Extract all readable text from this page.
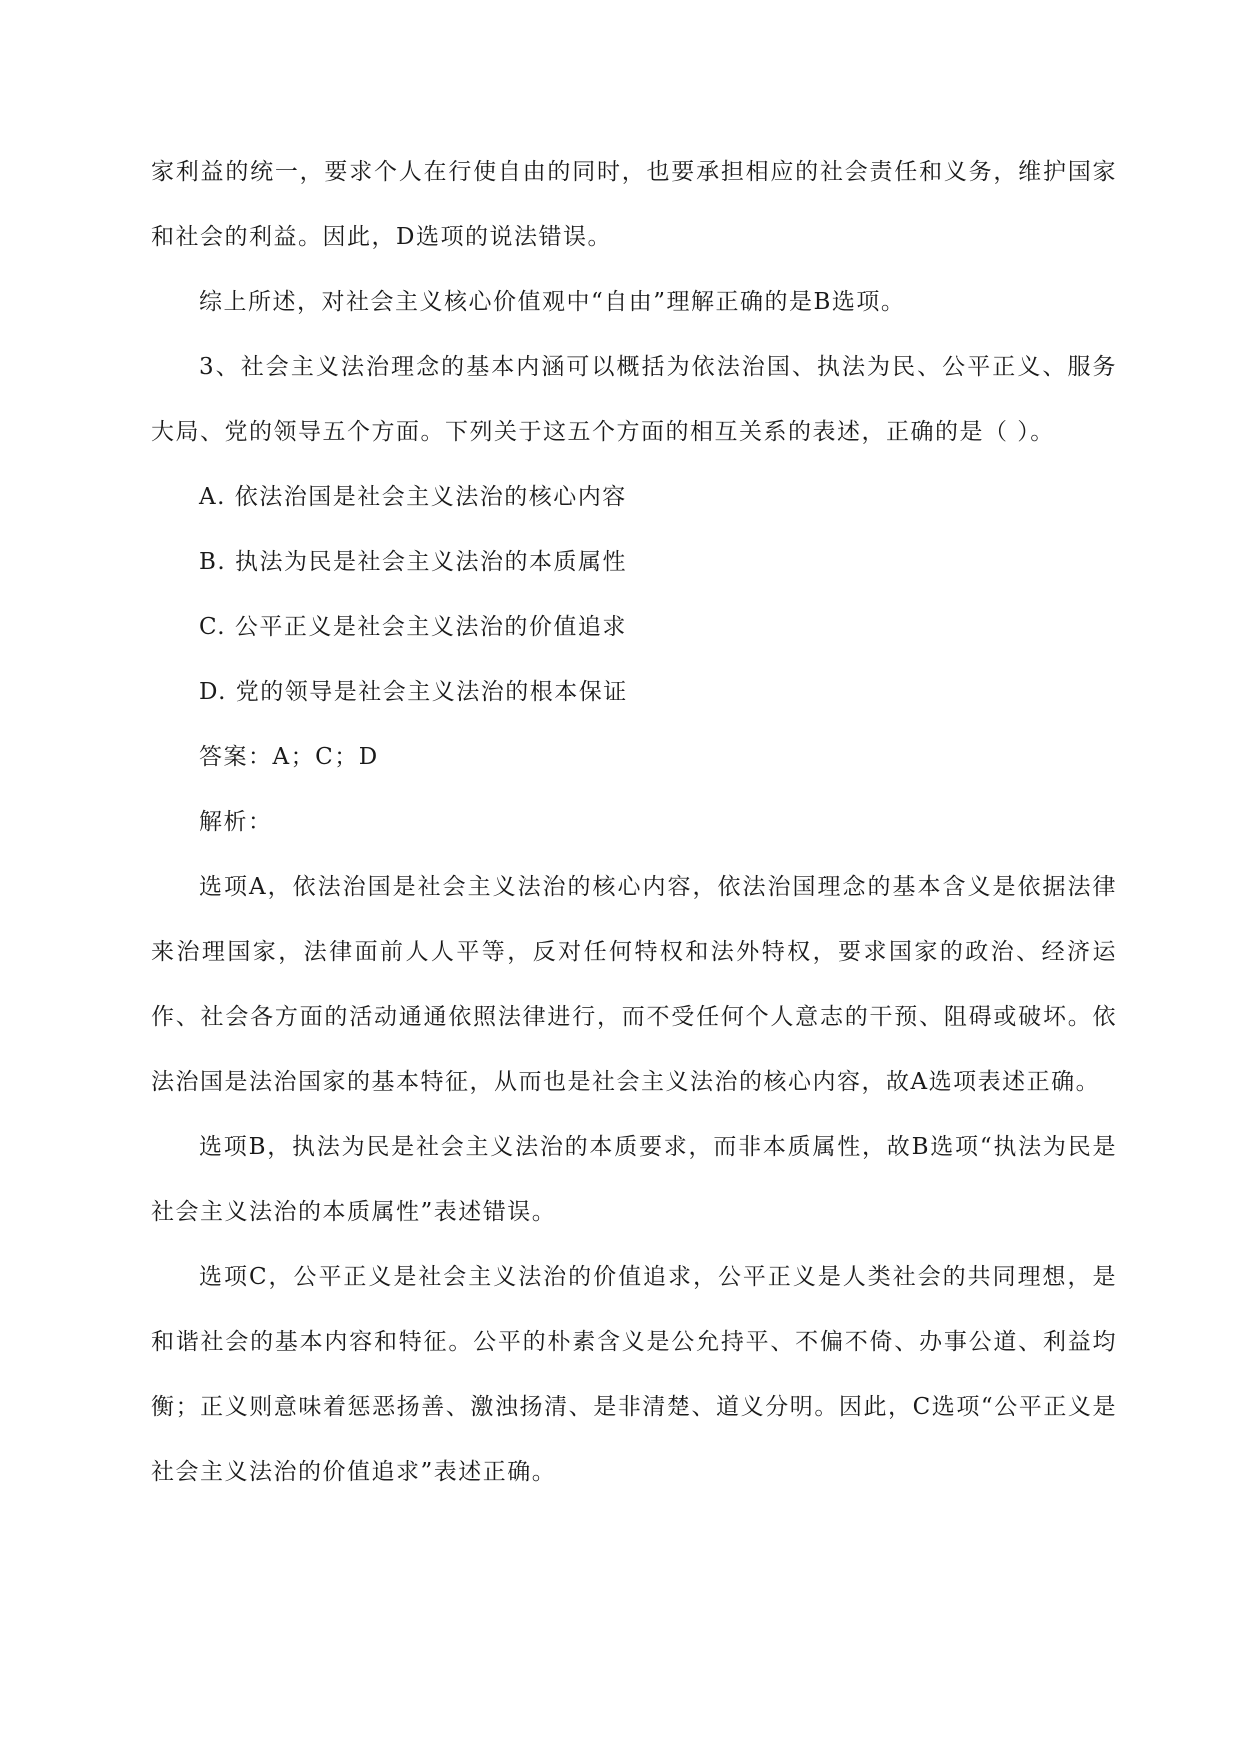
家利益的统一，要求个人在行使自由的同时，也要承担相应的社会责任和义务，维护国家和社会的利益。因此，D选项的说法错误。

综上所述，对社会主义核心价值观中“自由”理解正确的是B选项。

3、社会主义法治理念的基本内涵可以概括为依法治国、执法为民、公平正义、服务大局、党的领导五个方面。下列关于这五个方面的相互关系的表述，正确的是（ ）。

A. 依法治国是社会主义法治的核心内容

B. 执法为民是社会主义法治的本质属性

C. 公平正义是社会主义法治的价值追求

D. 党的领导是社会主义法治的根本保证

答案：A；C；D

解析：

选项A，依法治国是社会主义法治的核心内容，依法治国理念的基本含义是依据法律来治理国家，法律面前人人平等，反对任何特权和法外特权，要求国家的政治、经济运作、社会各方面的活动通通依照法律进行，而不受任何个人意志的干预、阻碍或破坏。依法治国是法治国家的基本特征，从而也是社会主义法治的核心内容，故A选项表述正确。

选项B，执法为民是社会主义法治的本质要求，而非本质属性，故B选项“执法为民是社会主义法治的本质属性”表述错误。

选项C，公平正义是社会主义法治的价值追求，公平正义是人类社会的共同理想，是和谐社会的基本内容和特征。公平的朴素含义是公允持平、不偏不倚、办事公道、利益均衡；正义则意味着惩恶扬善、激浊扬清、是非清楚、道义分明。因此，C选项“公平正义是社会主义法治的价值追求”表述正确。
